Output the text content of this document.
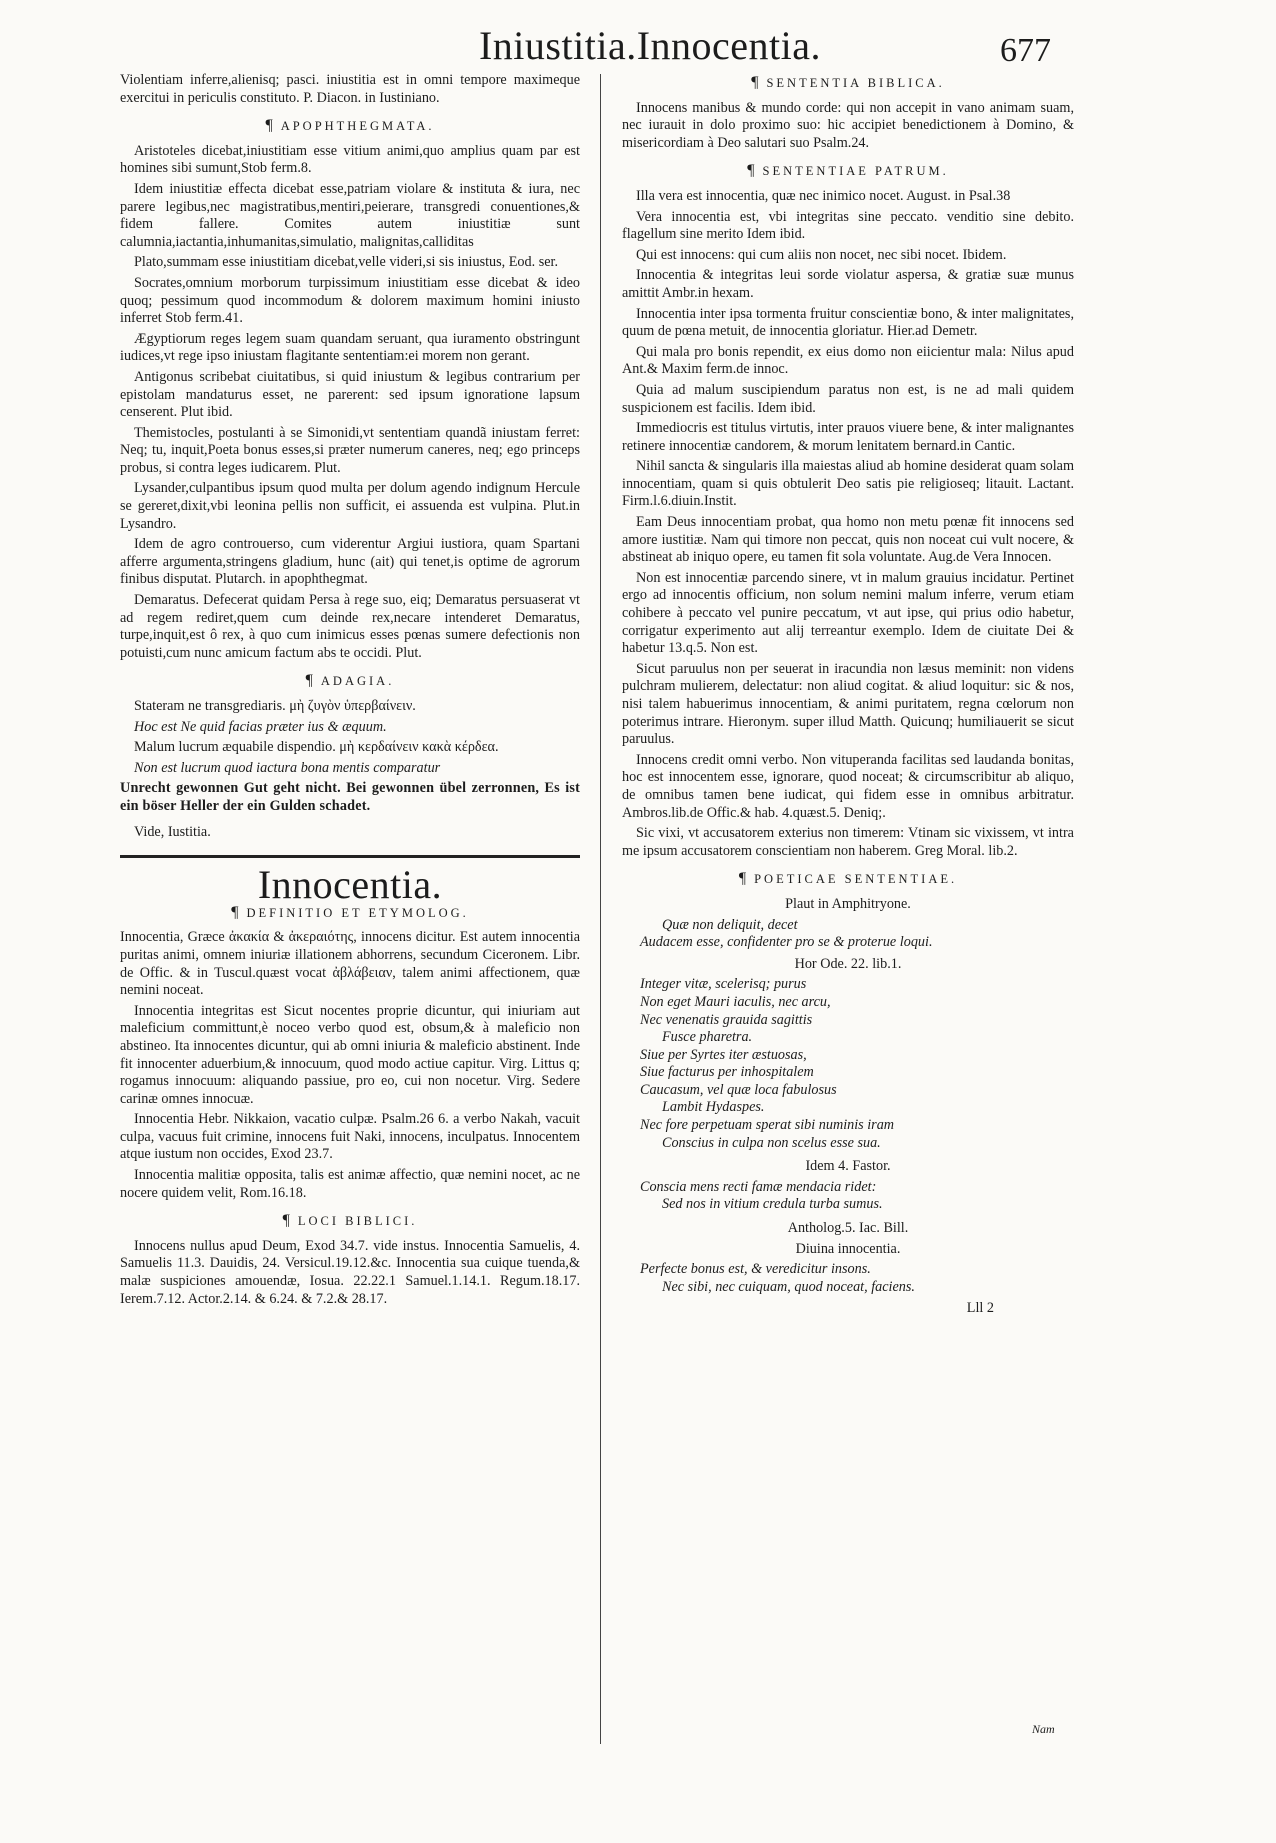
Iniustitia.Innocentia.	677

Violentiam inferre,alienisq; pasci. iniustitia est in omni tempore maximeque exercitui in periculis constituto. P. Diacon. in Iustiniano.

¶ APOPHTHEGMATA.

Aristoteles dicebat,iniustitiam esse vitium animi,quo amplius quam par est homines sibi sumunt,Stob ferm.8.

Idem iniustitiæ effecta dicebat esse,patriam violare & instituta & iura, nec parere legibus,nec magistratibus,mentiri,peierare, transgredi conuentiones,& fidem fallere. Comites autem iniustitiæ sunt calumnia,iactantia,inhumanitas,simulatio, malignitas,calliditas

Plato,summam esse iniustitiam dicebat,velle videri,si sis iniustus, Eod. ser.

Socrates,omnium morborum turpissimum iniustitiam esse dicebat & ideo quoq; pessimum quod incommodum & dolorem maximum homini iniusto inferret Stob ferm.41.

Ægyptiorum reges legem suam quandam seruant, qua iuramento obstringunt iudices,vt rege ipso iniustam flagitante sententiam:ei morem non gerant.

Antigonus scribebat ciuitatibus, si quid iniustum & legibus contrarium per epistolam mandaturus esset, ne parerent: sed ipsum ignoratione lapsum censerent. Plut ibid.

Themistocles, postulanti à se Simonidi,vt sententiam quandã iniustam ferret: Neq; tu, inquit,Poeta bonus esses,si præter numerum caneres, neq; ego princeps probus, si contra leges iudicarem. Plut.

Lysander,culpantibus ipsum quod multa per dolum agendo indignum Hercule se gereret,dixit,vbi leonina pellis non sufficit, ei assuenda est vulpina. Plut.in Lysandro.

Idem de agro controuerso, cum viderentur Argiui iustiora, quam Spartani afferre argumenta,stringens gladium, hunc (ait) qui tenet,is optime de agrorum finibus disputat. Plutarch. in apophthegmat.

Demaratus. Defecerat quidam Persa à rege suo, eiq; Demaratus persuaserat vt ad regem rediret,quem cum deinde rex,necare intenderet Demaratus, turpe,inquit,est ô rex, à quo cum inimicus esses pœnas sumere defectionis non potuisti,cum nunc amicum factum abs te occidi. Plut.

¶ ADAGIA.

Stateram ne transgrediaris. μὴ ζυγὸν ὑπερβαίνειν.

Hoc est Ne quid facias præter ius & æquum.

Malum lucrum æquabile dispendio. μὴ κερδαίνειν κακὰ κέρδεα.

Non est lucrum quod iactura bona mentis comparatur

Unrecht gewonnen Gut geht nicht. Bei gewonnen übel zerronnen, Es ist ein böser Heller der ein Gulden schadet.

Vide, Iustitia.

Innocentia.
¶ DEFINITIO ET ETYMOLOG.

Innocentia, Græce ἀκακία & ἀκεραιότης, innocens dicitur. Est autem innocentia puritas animi, omnem iniuriæ illationem abhorrens, secundum Ciceronem. Libr. de Offic. & in Tuscul.quæst vocat ἀβλάβειαν, talem animi affectionem, quæ nemini noceat.

Innocentia integritas est Sicut nocentes proprie dicuntur, qui iniuriam aut maleficium committunt,è noceo verbo quod est, obsum,& à maleficio non abstineo. Ita innocentes dicuntur, qui ab omni iniuria & maleficio abstinent. Inde fit innocenter aduerbium,& innocuum, quod modo actiue capitur. Virg. Littus q; rogamus innocuum: aliquando passiue, pro eo, cui non nocetur. Virg. Sedere carinæ omnes innocuæ.

Innocentia Hebr. Nikkaion, vacatio culpæ. Psalm.26 6. a verbo Nakah, vacuit culpa, vacuus fuit crimine, innocens fuit Naki, innocens, inculpatus. Innocentem atque iustum non occides, Exod 23.7.

Innocentia malitiæ opposita, talis est animæ affectio, quæ nemini nocet, ac ne nocere quidem velit, Rom.16.18.

¶ LOCI BIBLICI.

Innocens nullus apud Deum, Exod 34.7. vide instus. Innocentia Samuelis, 4. Samuelis 11.3. Dauidis, 24. Versicul.19.12.&c. Innocentia sua cuique tuenda,& malæ suspiciones amouendæ, Iosua. 22.22.1 Samuel.1.14.1. Regum.18.17. Ierem.7.12. Actor.2.14. & 6.24. & 7.2.& 28.17.

¶ SENTENTIA BIBLICA.

Innocens manibus & mundo corde: qui non accepit in vano animam suam, nec iurauit in dolo proximo suo: hic accipiet benedictionem à Domino, & misericordiam à Deo salutari suo Psalm.24.

¶ SENTENTIAE PATRUM.

Illa vera est innocentia, quæ nec inimico nocet. August. in Psal.38

Vera innocentia est, vbi integritas sine peccato. venditio sine debito. flagellum sine merito Idem ibid.

Qui est innocens: qui cum aliis non nocet, nec sibi nocet. Ibidem.

Innocentia & integritas leui sorde violatur aspersa, & gratiæ suæ munus amittit Ambr.in hexam.

Innocentia inter ipsa tormenta fruitur conscientiæ bono, & inter malignitates, quum de pœna metuit, de innocentia gloriatur. Hier.ad Demetr.

Qui mala pro bonis rependit, ex eius domo non eiicientur mala: Nilus apud Ant.& Maxim ferm.de innoc.

Quia ad malum suscipiendum paratus non est, is ne ad mali quidem suspicionem est facilis. Idem ibid.

Immediocris est titulus virtutis, inter prauos viuere bene, & inter malignantes retinere innocentiæ candorem, & morum lenitatem bernard.in Cantic.

Nihil sancta & singularis illa maiestas aliud ab homine desiderat quam solam innocentiam, quam si quis obtulerit Deo satis pie religioseq; litauit. Lactant. Firm.l.6.diuin.Instit.

Eam Deus innocentiam probat, qua homo non metu pœnæ fit innocens sed amore iustitiæ. Nam qui timore non peccat, quis non noceat cui vult nocere, & abstineat ab iniquo opere, eu tamen fit sola voluntate. Aug.de Vera Innocen.

Non est innocentiæ parcendo sinere, vt in malum grauius incidatur. Pertinet ergo ad innocentis officium, non solum nemini malum inferre, verum etiam cohibere à peccato vel punire peccatum, vt aut ipse, qui prius odio habetur, corrigatur experimento aut alij terreantur exemplo. Idem de ciuitate Dei & habetur 13.q.5. Non est.

Sicut paruulus non per seuerat in iracundia non læsus meminit: non videns pulchram mulierem, delectatur: non aliud cogitat. & aliud loquitur: sic & nos, nisi talem habuerimus innocentiam, & animi puritatem, regna cœlorum non poterimus intrare. Hieronym. super illud Matth. Quicunq; humiliauerit se sicut paruulus.

Innocens credit omni verbo. Non vituperanda facilitas sed laudanda bonitas, hoc est innocentem esse, ignorare, quod noceat; & circumscribitur ab aliquo, de omnibus tamen bene iudicat, qui fidem esse in omnibus arbitratur. Ambros.lib.de Offic.& hab. 4.quæst.5. Deniq;.

Sic vixi, vt accusatorem exterius non timerem: Vtinam sic vixissem, vt intra me ipsum accusatorem conscientiam non haberem. Greg Moral. lib.2.

¶ POETICAE SENTENTIAE.

Plaut in Amphitryone.

Quæ non deliquit, decet

Audacem esse, confidenter pro se & proterue loqui.

Hor Ode. 22. lib.1.

Integer vitæ, scelerisq; purus

Non eget Mauri iaculis, nec arcu,

Nec venenatis grauida sagittis

Fusce pharetra.

Siue per Syrtes iter æstuosas,

Siue facturus per inhospitalem

Caucasum, vel quæ loca fabulosus

Lambit Hydaspes.

Nec fore perpetuam sperat sibi numinis iram

Conscius in culpa non scelus esse sua.

Idem 4. Fastor.

Conscia mens recti famæ mendacia ridet:

Sed nos in vitium credula turba sumus.

Antholog.5. Iac. Bill.

Diuina innocentia.

Perfecte bonus est, & veredicitur insons.

Nec sibi, nec cuiquam, quod noceat, faciens.

Lll 2

Nam
